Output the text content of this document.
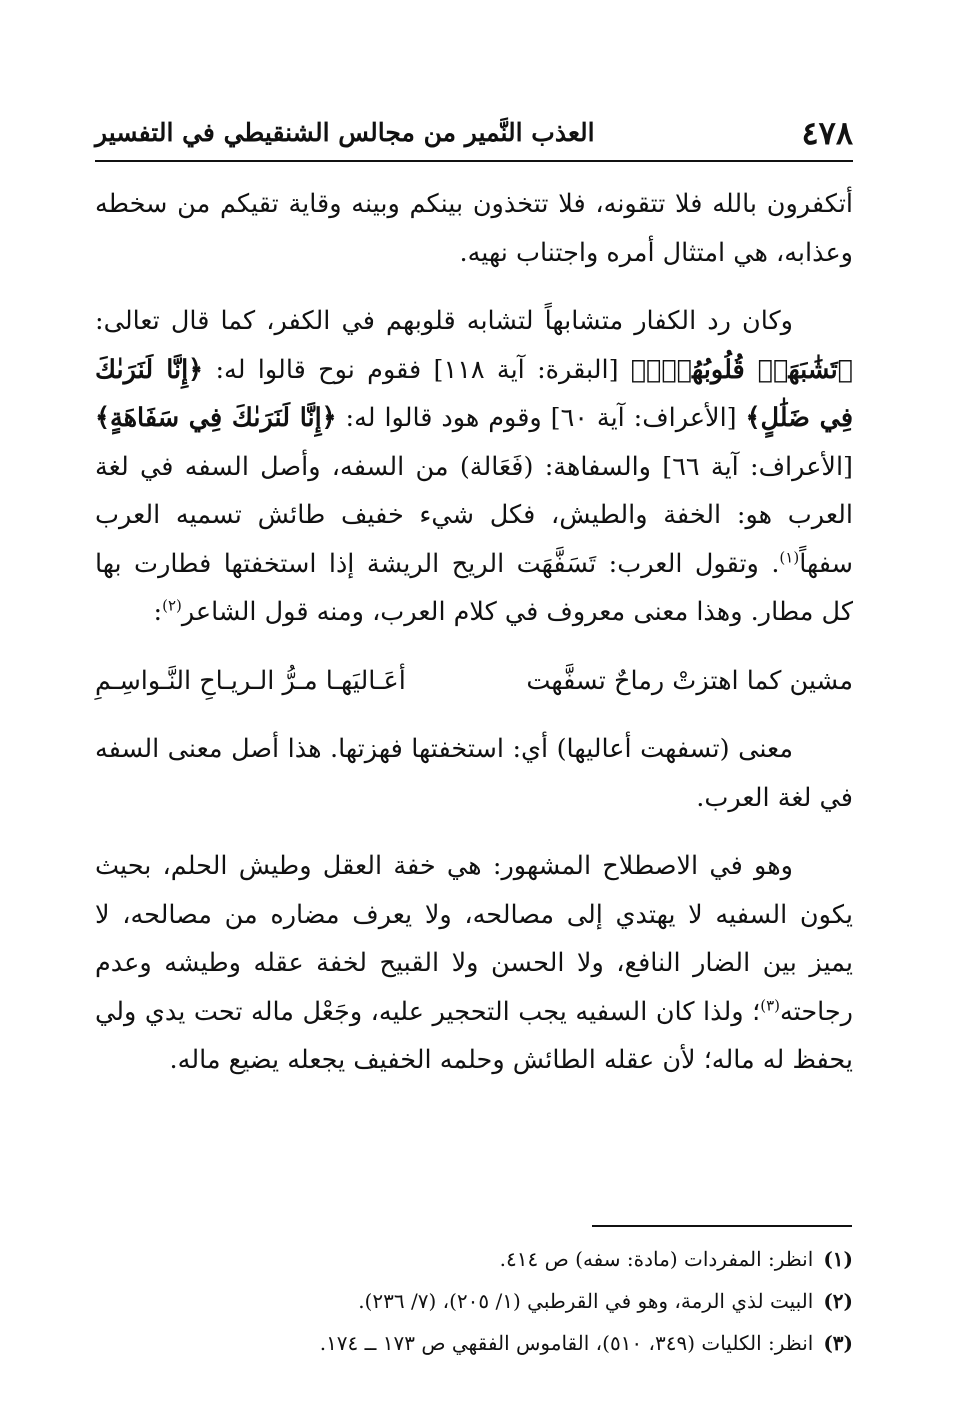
٤٧٨
العذب النَّمير من مجالس الشنقيطي في التفسير

أتكفرون بالله فلا تتقونه، فلا تتخذون بينكم وبينه وقاية تقيكم من سخطه وعذابه، هي امتثال أمره واجتناب نهيه.

وكان رد الكفار متشابهاً لتشابه قلوبهم في الكفر، كما قال تعالى: ﴿تَشَٰبَهَتۡ قُلُوبُهُمۡۗ﴾ [البقرة: آية ١١٨] فقوم نوح قالوا له: ﴿إِنَّا لَنَرَىٰكَ فِي ضَلَٰلٍ﴾ [الأعراف: آية ٦٠] وقوم هود قالوا له: ﴿إِنَّا لَنَرَىٰكَ فِي سَفَاهَةٍ﴾ [الأعراف: آية ٦٦] والسفاهة: (فَعَالة) من السفه، وأصل السفه في لغة العرب هو: الخفة والطيش، فكل شيء خفيف طائش تسميه العرب سفهاً$^{(١)}$. وتقول العرب: تَسَفَّهَت الريح الريشة إذا استخفتها فطارت بها كل مطار. وهذا معنى معروف في كلام العرب، ومنه قول الشاعر$^{(٢)}$:

مشين كما اهتزتْ رماحٌ تسفَّهت
أعَـاليَهـا مـرُّ الـريـاحِ النَّـواسِـمِ

معنى (تسفهت أعاليها) أي: استخفتها فهزتها. هذا أصل معنى السفه في لغة العرب.

وهو في الاصطلاح المشهور: هي خفة العقل وطيش الحلم، بحيث يكون السفيه لا يهتدي إلى مصالحه، ولا يعرف مضاره من مصالحه، لا يميز بين الضار النافع، ولا الحسن ولا القبيح لخفة عقله وطيشه وعدم رجاحته$^{(٣)}$؛ ولذا كان السفيه يجب التحجير عليه، وجَعْل ماله تحت يدي ولي يحفظ له ماله؛ لأن عقله الطائش وحلمه الخفيف يجعله يضيع ماله.

(١)
انظر: المفردات (مادة: سفه) ص ٤١٤.
(٢)
البيت لذي الرمة، وهو في القرطبي (١/ ٢٠٥)، (٧/ ٢٣٦).
(٣)
انظر: الكليات (٣٤٩، ٥١٠)، القاموس الفقهي ص ١٧٣ ــ ١٧٤.
